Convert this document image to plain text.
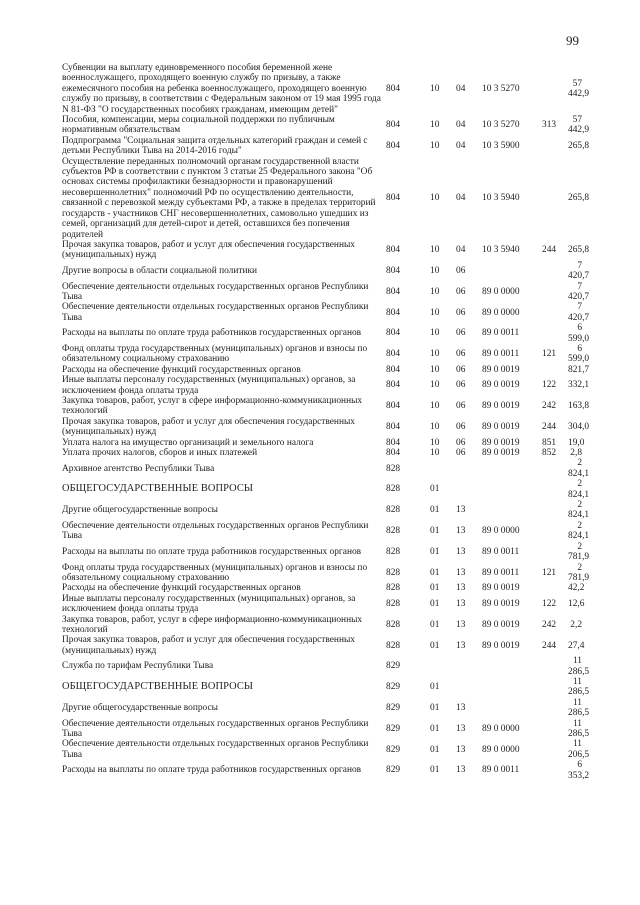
99
Субвенции на выплату единовременного пособия беременной жене военнослужащего, проходящего военную службу по призыву, а также ежемесячного пособия на ребенка военнослужащего, проходящего военную службу по призыву, в соответствии с Федеральным законом от 19 мая 1995 года N 81-ФЗ "О государственных пособиях гражданам, имеющим детей"	804	10	04	10 3 5270		57 442,9
Пособия, компенсации, меры социальной поддержки по публичным нормативным обязательствам	804	10	04	10 3 5270	313	57 442,9
Подпрограмма "Социальная защита отдельных категорий граждан и семей с детьми Республики Тыва на 2014-2016 годы"	804	10	04	10 3 5900		265,8
Осуществление переданных полномочий органам государственной власти субъектов РФ в соответствии с пунктом 3 статьи 25 Федерального закона "Об основах системы профилактики безнадзорности и правонарушений несовершеннолетних" полномочий РФ по осуществлению деятельности, связанной с перевозкой между субъектами РФ, а также в пределах территорий государств - участников СНГ несовершеннолетних, самовольно ушедших из семей, организаций для детей-сирот и детей, оставшихся без попечения родителей	804	10	04	10 3 5940		265,8
Прочая закупка товаров, работ и услуг для обеспечения государственных (муниципальных) нужд	804	10	04	10 3 5940	244	265,8
Другие вопросы в области социальной политики	804	10	06			7 420,7
Обеспечение деятельности отдельных государственных органов Республики Тыва	804	10	06	89 0 0000		7 420,7
Обеспечение деятельности отдельных государственных органов Республики Тыва	804	10	06	89 0 0000		7 420,7
Расходы на выплаты по оплате труда работников государственных органов	804	10	06	89 0 0011		6 599,0
Фонд оплаты труда государственных (муниципальных) органов и взносы по обязательному социальному страхованию	804	10	06	89 0 0011	121	6 599,0
Расходы на обеспечение функций государственных органов	804	10	06	89 0 0019		821,7
Иные выплаты персоналу государственных (муниципальных) органов, за исключением фонда оплаты труда	804	10	06	89 0 0019	122	332,1
Закупка товаров, работ, услуг в сфере информационно-коммуникационных технологий	804	10	06	89 0 0019	242	163,8
Прочая закупка товаров, работ и услуг для обеспечения государственных (муниципальных) нужд	804	10	06	89 0 0019	244	304,0
Уплата налога на имущество организаций и земельного налога	804	10	06	89 0 0019	851	19,0
Уплата прочих налогов, сборов и иных платежей	804	10	06	89 0 0019	852	2,8
Архивное агентство Республики Тыва	828					2 824,1
ОБЩЕГОСУДАРСТВЕННЫЕ ВОПРОСЫ	828	01				2 824,1
Другие общегосударственные вопросы	828	01	13			2 824,1
Обеспечение деятельности отдельных государственных органов Республики Тыва	828	01	13	89 0 0000		2 824,1
Расходы на выплаты по оплате труда работников государственных органов	828	01	13	89 0 0011		2 781,9
Фонд оплаты труда государственных (муниципальных) органов и взносы по обязательному социальному страхованию	828	01	13	89 0 0011	121	2 781,9
Расходы на обеспечение функций государственных органов	828	01	13	89 0 0019		42,2
Иные выплаты персоналу государственных (муниципальных) органов, за исключением фонда оплаты труда	828	01	13	89 0 0019	122	12,6
Закупка товаров, работ, услуг в сфере информационно-коммуникационных технологий	828	01	13	89 0 0019	242	2,2
Прочая закупка товаров, работ и услуг для обеспечения государственных (муниципальных) нужд	828	01	13	89 0 0019	244	27,4
Служба по тарифам Республики Тыва	829					11 286,5
ОБЩЕГОСУДАРСТВЕННЫЕ ВОПРОСЫ	829	01				11 286,5
Другие общегосударственные вопросы	829	01	13			11 286,5
Обеспечение деятельности отдельных государственных органов Республики Тыва	829	01	13	89 0 0000		11 286,5
Обеспечение деятельности отдельных государственных органов Республики Тыва	829	01	13	89 0 0000		11 206,5
Расходы на выплаты по оплате труда работников государственных органов	829	01	13	89 0 0011		6 353,2
